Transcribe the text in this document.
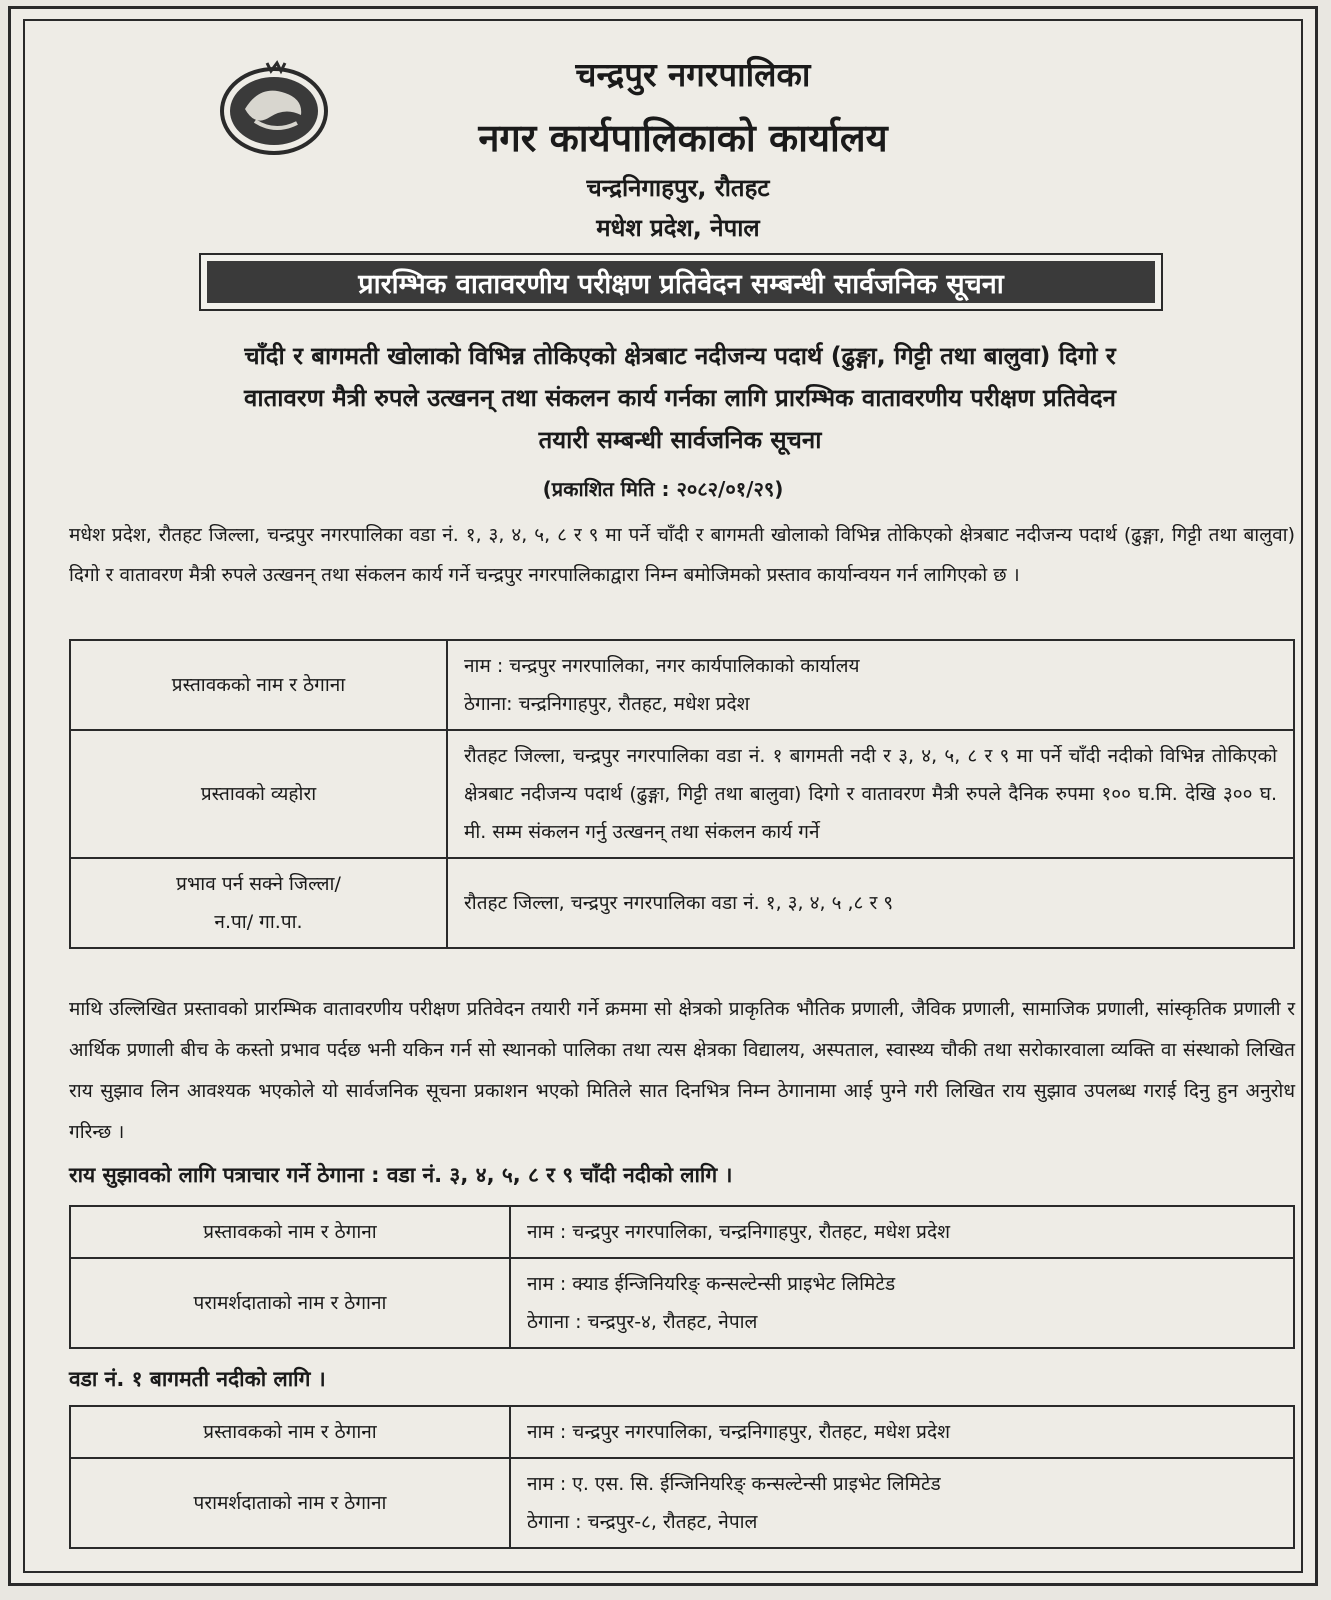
चन्द्रपुर नगरपालिका
नगर कार्यपालिकाको कार्यालय
चन्द्रनिगाहपुर, रौतहट
मधेश प्रदेश, नेपाल
प्रारम्भिक वातावरणीय परीक्षण प्रतिवेदन सम्बन्धी सार्वजनिक सूचना
चाँदी र बागमती खोलाको विभिन्न तोकिएको क्षेत्रबाट नदीजन्य पदार्थ (ढुङ्गा, गिट्टी तथा बालुवा) दिगो र
वातावरण मैत्री रुपले उत्खनन् तथा संकलन कार्य गर्नका लागि प्रारम्भिक वातावरणीय परीक्षण प्रतिवेदन
तयारी सम्बन्धी सार्वजनिक सूचना
(प्रकाशित मिति : २०८२/०१/२९)
मधेश प्रदेश, रौतहट जिल्ला, चन्द्रपुर नगरपालिका वडा नं. १, ३, ४, ५, ८ र ९ मा पर्ने चाँदी र बागमती खोलाको विभिन्न तोकिएको क्षेत्रबाट नदीजन्य पदार्थ (ढुङ्गा, गिट्टी तथा बालुवा) दिगो र वातावरण मैत्री रुपले उत्खनन् तथा संकलन कार्य गर्ने चन्द्रपुर नगरपालिकाद्वारा निम्न बमोजिमको प्रस्ताव कार्यान्वयन गर्न लागिएको छ ।
प्रस्तावकको नाम र ठेगाना	नाम : चन्द्रपुर नगरपालिका, नगर कार्यपालिकाको कार्यालय
ठेगाना: चन्द्रनिगाहपुर, रौतहट, मधेश प्रदेश

प्रस्तावको व्यहोरा	रौतहट जिल्ला, चन्द्रपुर नगरपालिका वडा नं. १ बागमती नदी र ३, ४, ५, ८ र ९ मा पर्ने चाँदी नदीको विभिन्न तोकिएको क्षेत्रबाट नदीजन्य पदार्थ (ढुङ्गा, गिट्टी तथा बालुवा) दिगो र वातावरण मैत्री रुपले दैनिक रुपमा १०० घ.मि. देखि ३०० घ. मी. सम्म संकलन गर्नु उत्खनन् तथा संकलन कार्य गर्ने

प्रभाव पर्न सक्ने जिल्ला/
न.पा/ गा.पा.	रौतहट जिल्ला, चन्द्रपुर नगरपालिका वडा नं. १, ३, ४, ५ ,८ र ९
माथि उल्लिखित प्रस्तावको प्रारम्भिक वातावरणीय परीक्षण प्रतिवेदन तयारी गर्ने क्रममा सो क्षेत्रको प्राकृतिक भौतिक प्रणाली, जैविक प्रणाली, सामाजिक प्रणाली, सांस्कृतिक प्रणाली र आर्थिक प्रणाली बीच के कस्तो प्रभाव पर्दछ भनी यकिन गर्न सो स्थानको पालिका तथा त्यस क्षेत्रका विद्यालय, अस्पताल, स्वास्थ्य चौकी तथा सरोकारवाला व्यक्ति वा संस्थाको लिखित राय सुझाव लिन आवश्यक भएकोले यो सार्वजनिक सूचना प्रकाशन भएको मितिले सात दिनभित्र निम्न ठेगानामा आई पुग्ने गरी लिखित राय सुझाव उपलब्ध गराई दिनु हुन अनुरोध गरिन्छ ।
राय सुझावको लागि पत्राचार गर्ने ठेगाना : वडा नं. ३, ४, ५, ८ र ९ चाँदी नदीको लागि ।
प्रस्तावकको नाम र ठेगाना	नाम : चन्द्रपुर नगरपालिका, चन्द्रनिगाहपुर, रौतहट, मधेश प्रदेश
परामर्शदाताको नाम र ठेगाना	नाम : क्याड ईन्जिनियरिङ् कन्सल्टेन्सी प्राइभेट लिमिटेड
ठेगाना : चन्द्रपुर-४, रौतहट, नेपाल
वडा नं. १ बागमती नदीको लागि ।
प्रस्तावकको नाम र ठेगाना	नाम : चन्द्रपुर नगरपालिका, चन्द्रनिगाहपुर, रौतहट, मधेश प्रदेश
परामर्शदाताको नाम र ठेगाना	नाम : ए. एस. सि. ईन्जिनियरिङ् कन्सल्टेन्सी प्राइभेट लिमिटेड
ठेगाना : चन्द्रपुर-८, रौतहट, नेपाल
